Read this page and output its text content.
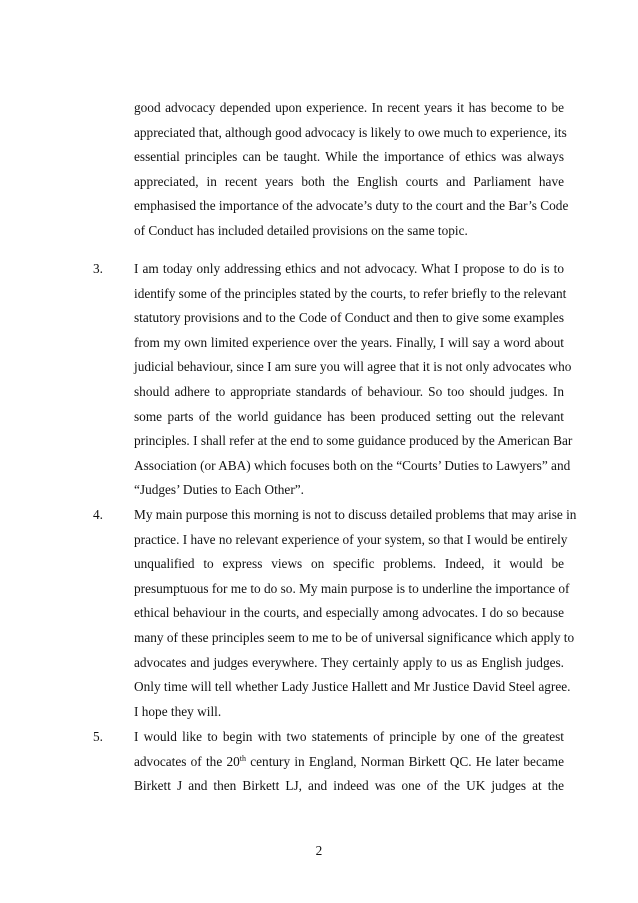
good advocacy depended upon experience. In recent years it has become to be
appreciated that, although good advocacy is likely to owe much to experience, its
essential principles can be taught. While the importance of ethics was always
appreciated, in recent years both the English courts and Parliament have
emphasised the importance of the advocate’s duty to the court and the Bar’s Code
of Conduct has included detailed provisions on the same topic.
3. I am today only addressing ethics and not advocacy. What I propose to do is to
identify some of the principles stated by the courts, to refer briefly to the relevant
statutory provisions and to the Code of Conduct and then to give some examples
from my own limited experience over the years. Finally, I will say a word about
judicial behaviour, since I am sure you will agree that it is not only advocates who
should adhere to appropriate standards of behaviour. So too should judges. In
some parts of the world guidance has been produced setting out the relevant
principles. I shall refer at the end to some guidance produced by the American Bar
Association (or ABA) which focuses both on the “Courts’ Duties to Lawyers” and
“Judges’ Duties to Each Other”.
4. My main purpose this morning is not to discuss detailed problems that may arise in
practice. I have no relevant experience of your system, so that I would be entirely
unqualified to express views on specific problems. Indeed, it would be
presumptuous for me to do so. My main purpose is to underline the importance of
ethical behaviour in the courts, and especially among advocates. I do so because
many of these principles seem to me to be of universal significance which apply to
advocates and judges everywhere. They certainly apply to us as English judges.
Only time will tell whether Lady Justice Hallett and Mr Justice David Steel agree.
I hope they will.
5. I would like to begin with two statements of principle by one of the greatest
advocates of the 20th century in England, Norman Birkett QC. He later became
Birkett J and then Birkett LJ, and indeed was one of the UK judges at the
2
